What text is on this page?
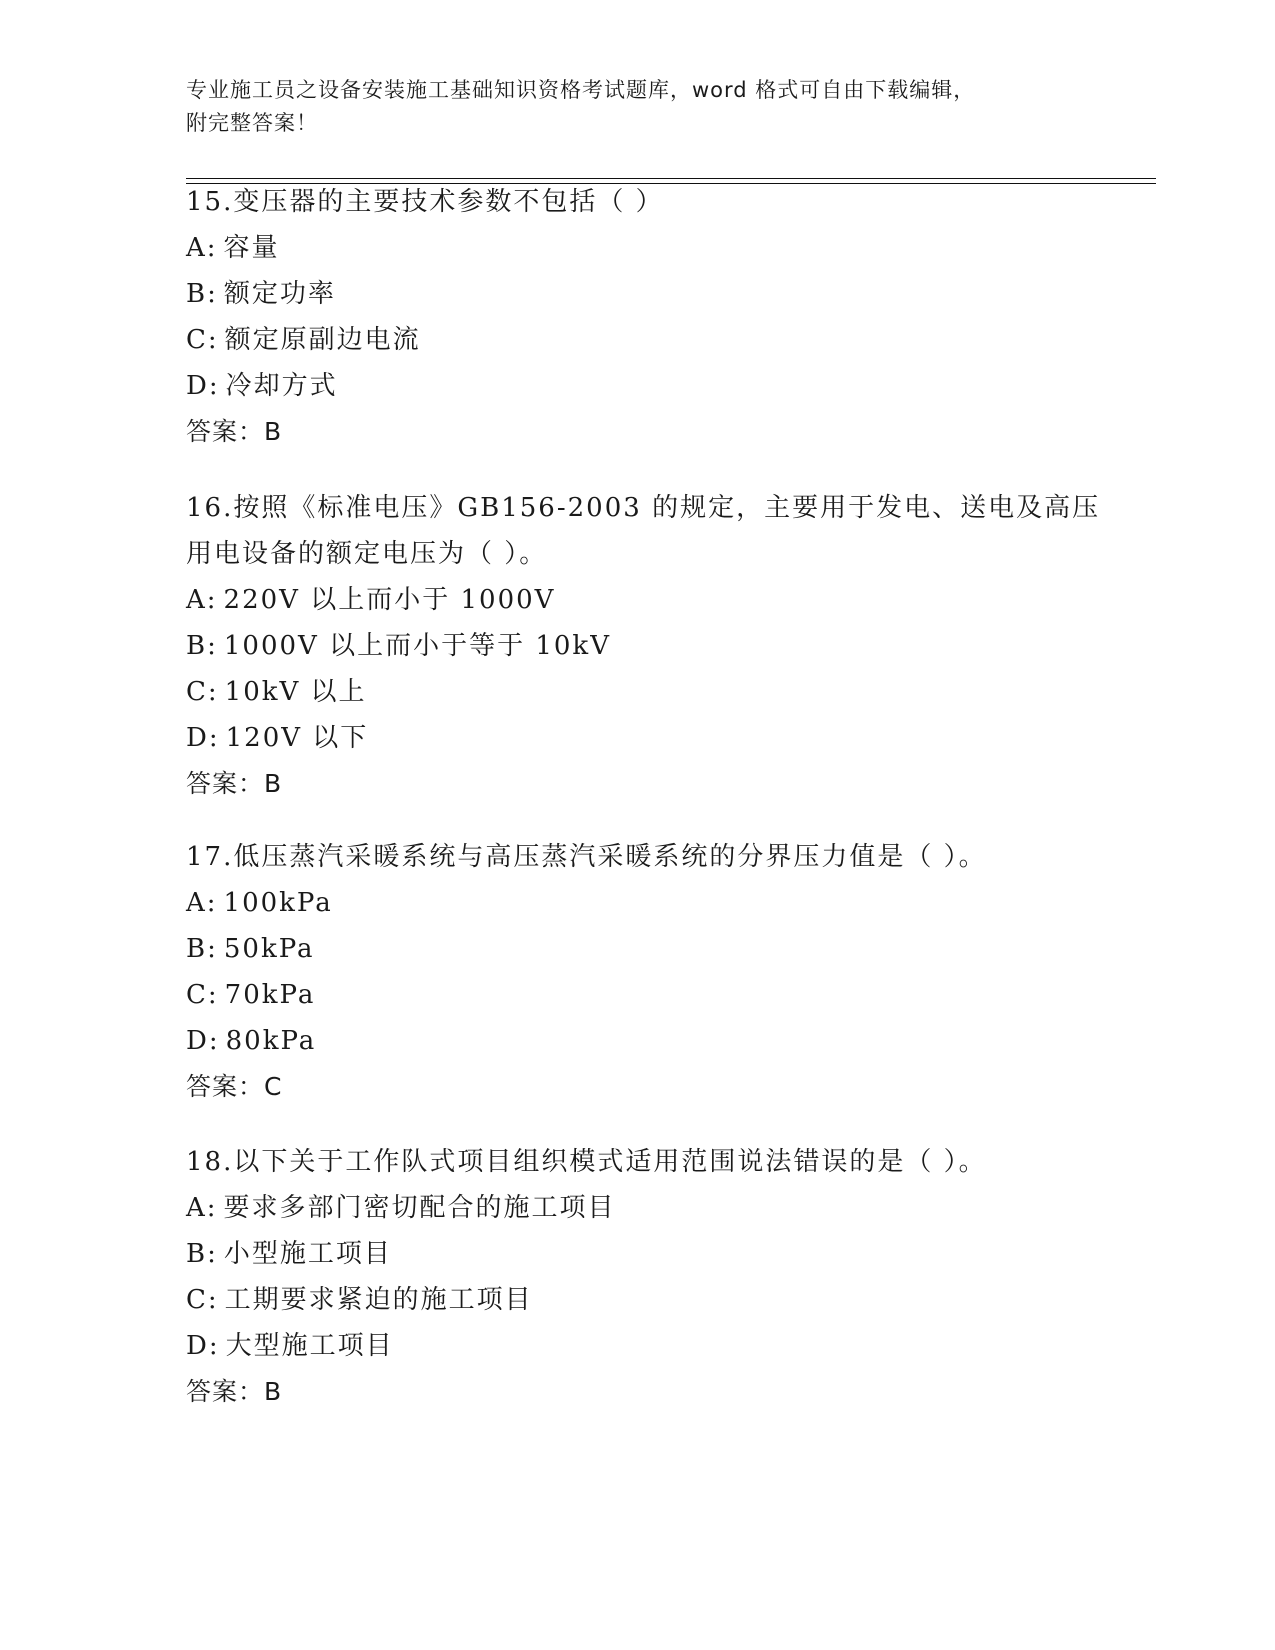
专业施工员之设备安装施工基础知识资格考试题库，word 格式可自由下载编辑，
附完整答案！
15.变压器的主要技术参数不包括（ ）
A: 容量
B: 额定功率
C: 额定原副边电流
D: 冷却方式
答案：B
16.按照《标准电压》GB156-2003 的规定，主要用于发电、送电及高压
用电设备的额定电压为（ ）。
A: 220V 以上而小于 1000V
B: 1000V 以上而小于等于 10kV
C: 10kV 以上
D: 120V 以下
答案：B
17.低压蒸汽采暖系统与高压蒸汽采暖系统的分界压力值是（ ）。
A: 100kPa
B: 50kPa
C: 70kPa
D: 80kPa
答案：C
18.以下关于工作队式项目组织模式适用范围说法错误的是（ ）。
A: 要求多部门密切配合的施工项目
B: 小型施工项目
C: 工期要求紧迫的施工项目
D: 大型施工项目
答案：B
